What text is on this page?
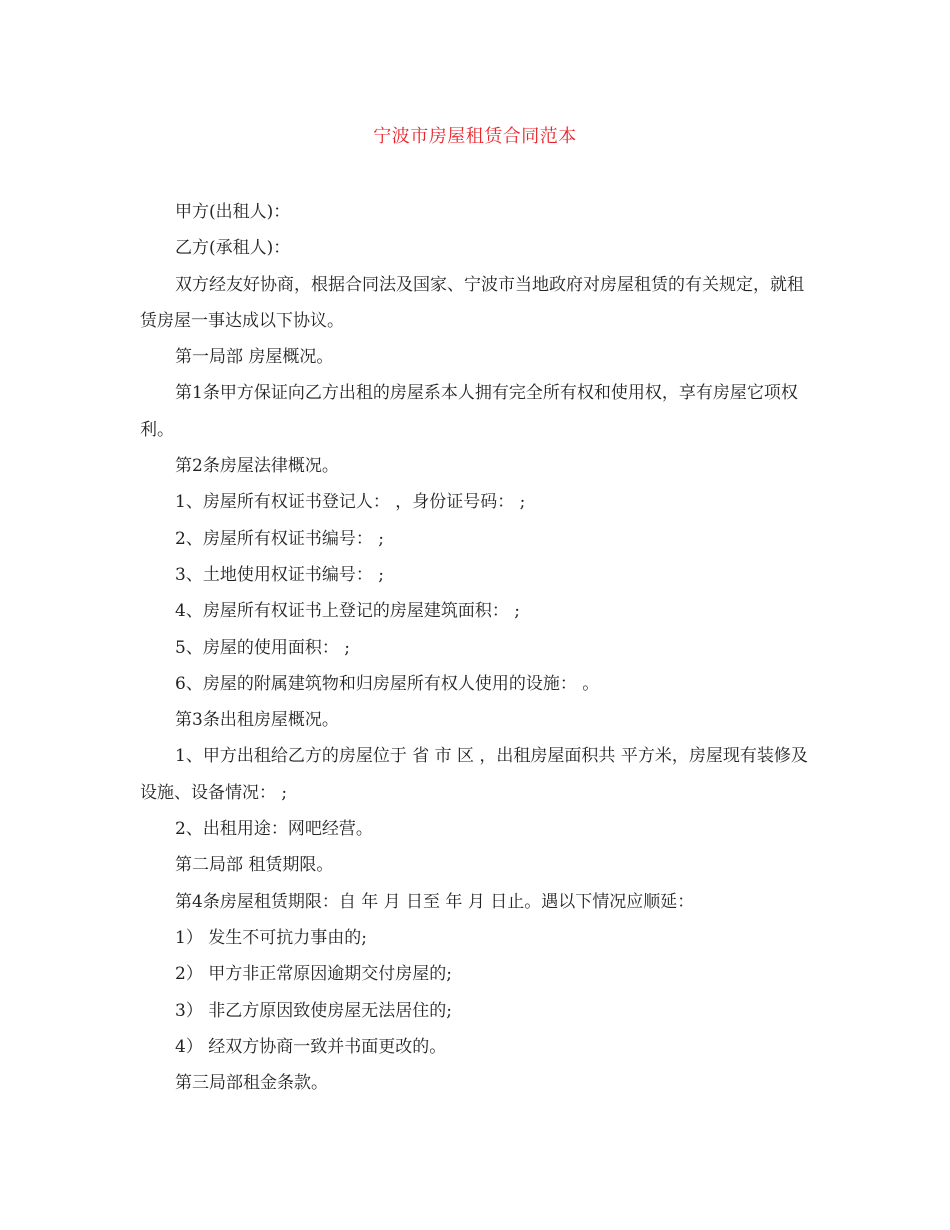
宁波市房屋租赁合同范本

甲方(出租人)：

乙方(承租人)：

双方经友好协商，根据合同法及国家、宁波市当地政府对房屋租赁的有关规定，就租赁房屋一事达成以下协议。

第一局部 房屋概况。

第1条甲方保证向乙方出租的房屋系本人拥有完全所有权和使用权，享有房屋它项权利。

第2条房屋法律概况。

1、房屋所有权证书登记人： ，身份证号码： ;

2、房屋所有权证书编号： ;

3、土地使用权证书编号： ;

4、房屋所有权证书上登记的房屋建筑面积： ;

5、房屋的使用面积： ;

6、房屋的附属建筑物和归房屋所有权人使用的设施： 。

第3条出租房屋概况。

1、甲方出租给乙方的房屋位于 省 市 区 ，出租房屋面积共 平方米，房屋现有装修及设施、设备情况： ;

2、出租用途：网吧经营。

第二局部 租赁期限。

第4条房屋租赁期限：自 年 月 日至 年 月 日止。遇以下情况应顺延：

1） 发生不可抗力事由的;

2） 甲方非正常原因逾期交付房屋的;

3） 非乙方原因致使房屋无法居住的;

4） 经双方协商一致并书面更改的。

第三局部租金条款。
